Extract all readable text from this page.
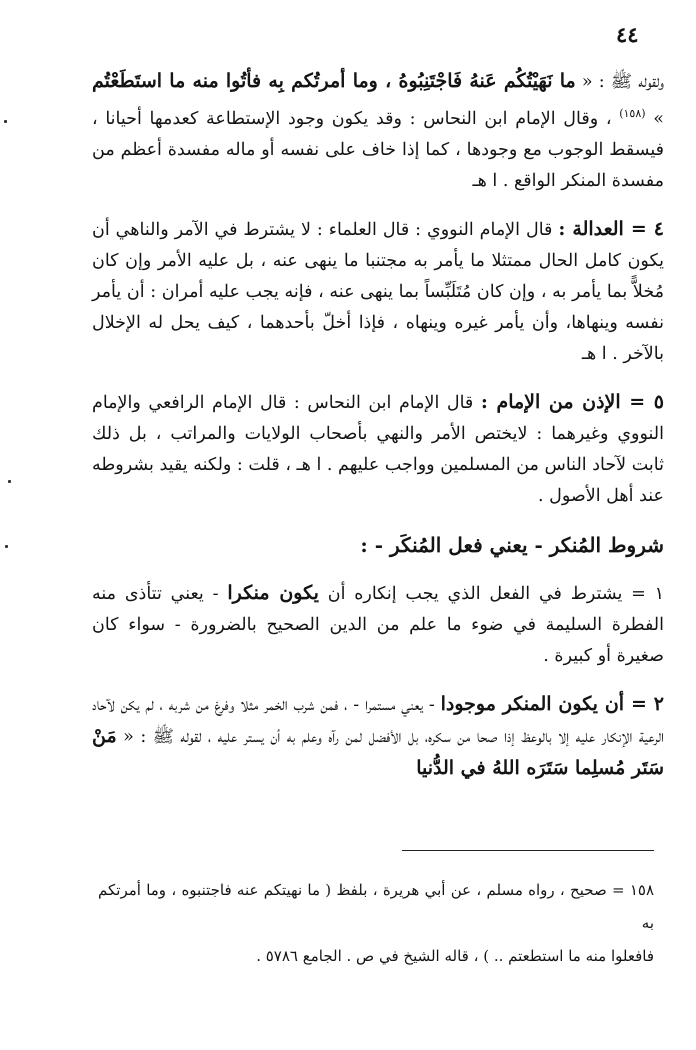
٤٤

ولقوله ﷺ : « ما نَهَيْتُكُم عَنهُ فَاجْتَنِبُوهُ ، وما أمرتُكم بِه فأتُوا منه ما استَطَعْتُم » $^{(١٥٨)}$ ، وقال الإمام ابن النحاس : وقد يكون وجود الإستطاعة كعدمها أحيانا ، فيسقط الوجوب مع وجودها ، كما إذا خاف على نفسه أو ماله مفسدة أعظم من مفسدة المنكر الواقع . ا هـ

٤ = العدالة : قال الإمام النووي : قال العلماء : لا يشترط في الآمر والناهي أن يكون كامل الحال ممتثلا ما يأمر به مجتنبا ما ينهى عنه ، بل عليه الأمر وإن كان مُخلاًّ بما يأمر به ، وإن كان مُتَلَبِّساً بما ينهى عنه ، فإنه يجب عليه أمران : أن يأمر نفسه وينهاها، وأن يأمر غيره وينهاه ، فإذا أخلّ بأحدهما ، كيف يحل له الإخلال بالآخر . ا هـ

٥ = الإذن من الإمام : قال الإمام ابن النحاس : قال الإمام الرافعي والإمام النووي وغيرهما : لايختص الأمر والنهي بأصحاب الولايات والمراتب ، بل ذلك ثابت لآحاد الناس من المسلمين وواجب عليهم . ا هـ ، قلت : ولكنه يقيد بشروطه عند أهل الأصول .

شروط المُنكر - يعني فعل المُنكَر - :

١ = يشترط في الفعل الذي يجب إنكاره أن يكون منكرا - يعني تتأذى منه الفطرة السليمة في ضوء ما علم من الدين الصحيح بالضرورة - سواء كان صغيرة أو كبيرة .

٢ = أن يكون المنكر موجودا - يعني مستمرا - ، فمن شرب الخمر مثلا وفرغ من شربه ، لم يكن لآحاد الرعية الإنكار عليه إلا بالوعظ إذا صحا من سكره، بل الأفضل لمن رآه وعلم به أن يستر عليه ، لقوله ﷺ : « مَنْ سَتَر مُسلِما سَتَرَه اللهُ في الدُّنيا

١٥٨ = صحيح ، رواه مسلم ، عن أبي هريرة ، بلفظ ( ما نهيتكم عنه فاجتنبوه ، وما أمرتكم به
فافعلوا منه ما استطعتم .. ) ، قاله الشيخ في ص . الجامع ٥٧٨٦ .
